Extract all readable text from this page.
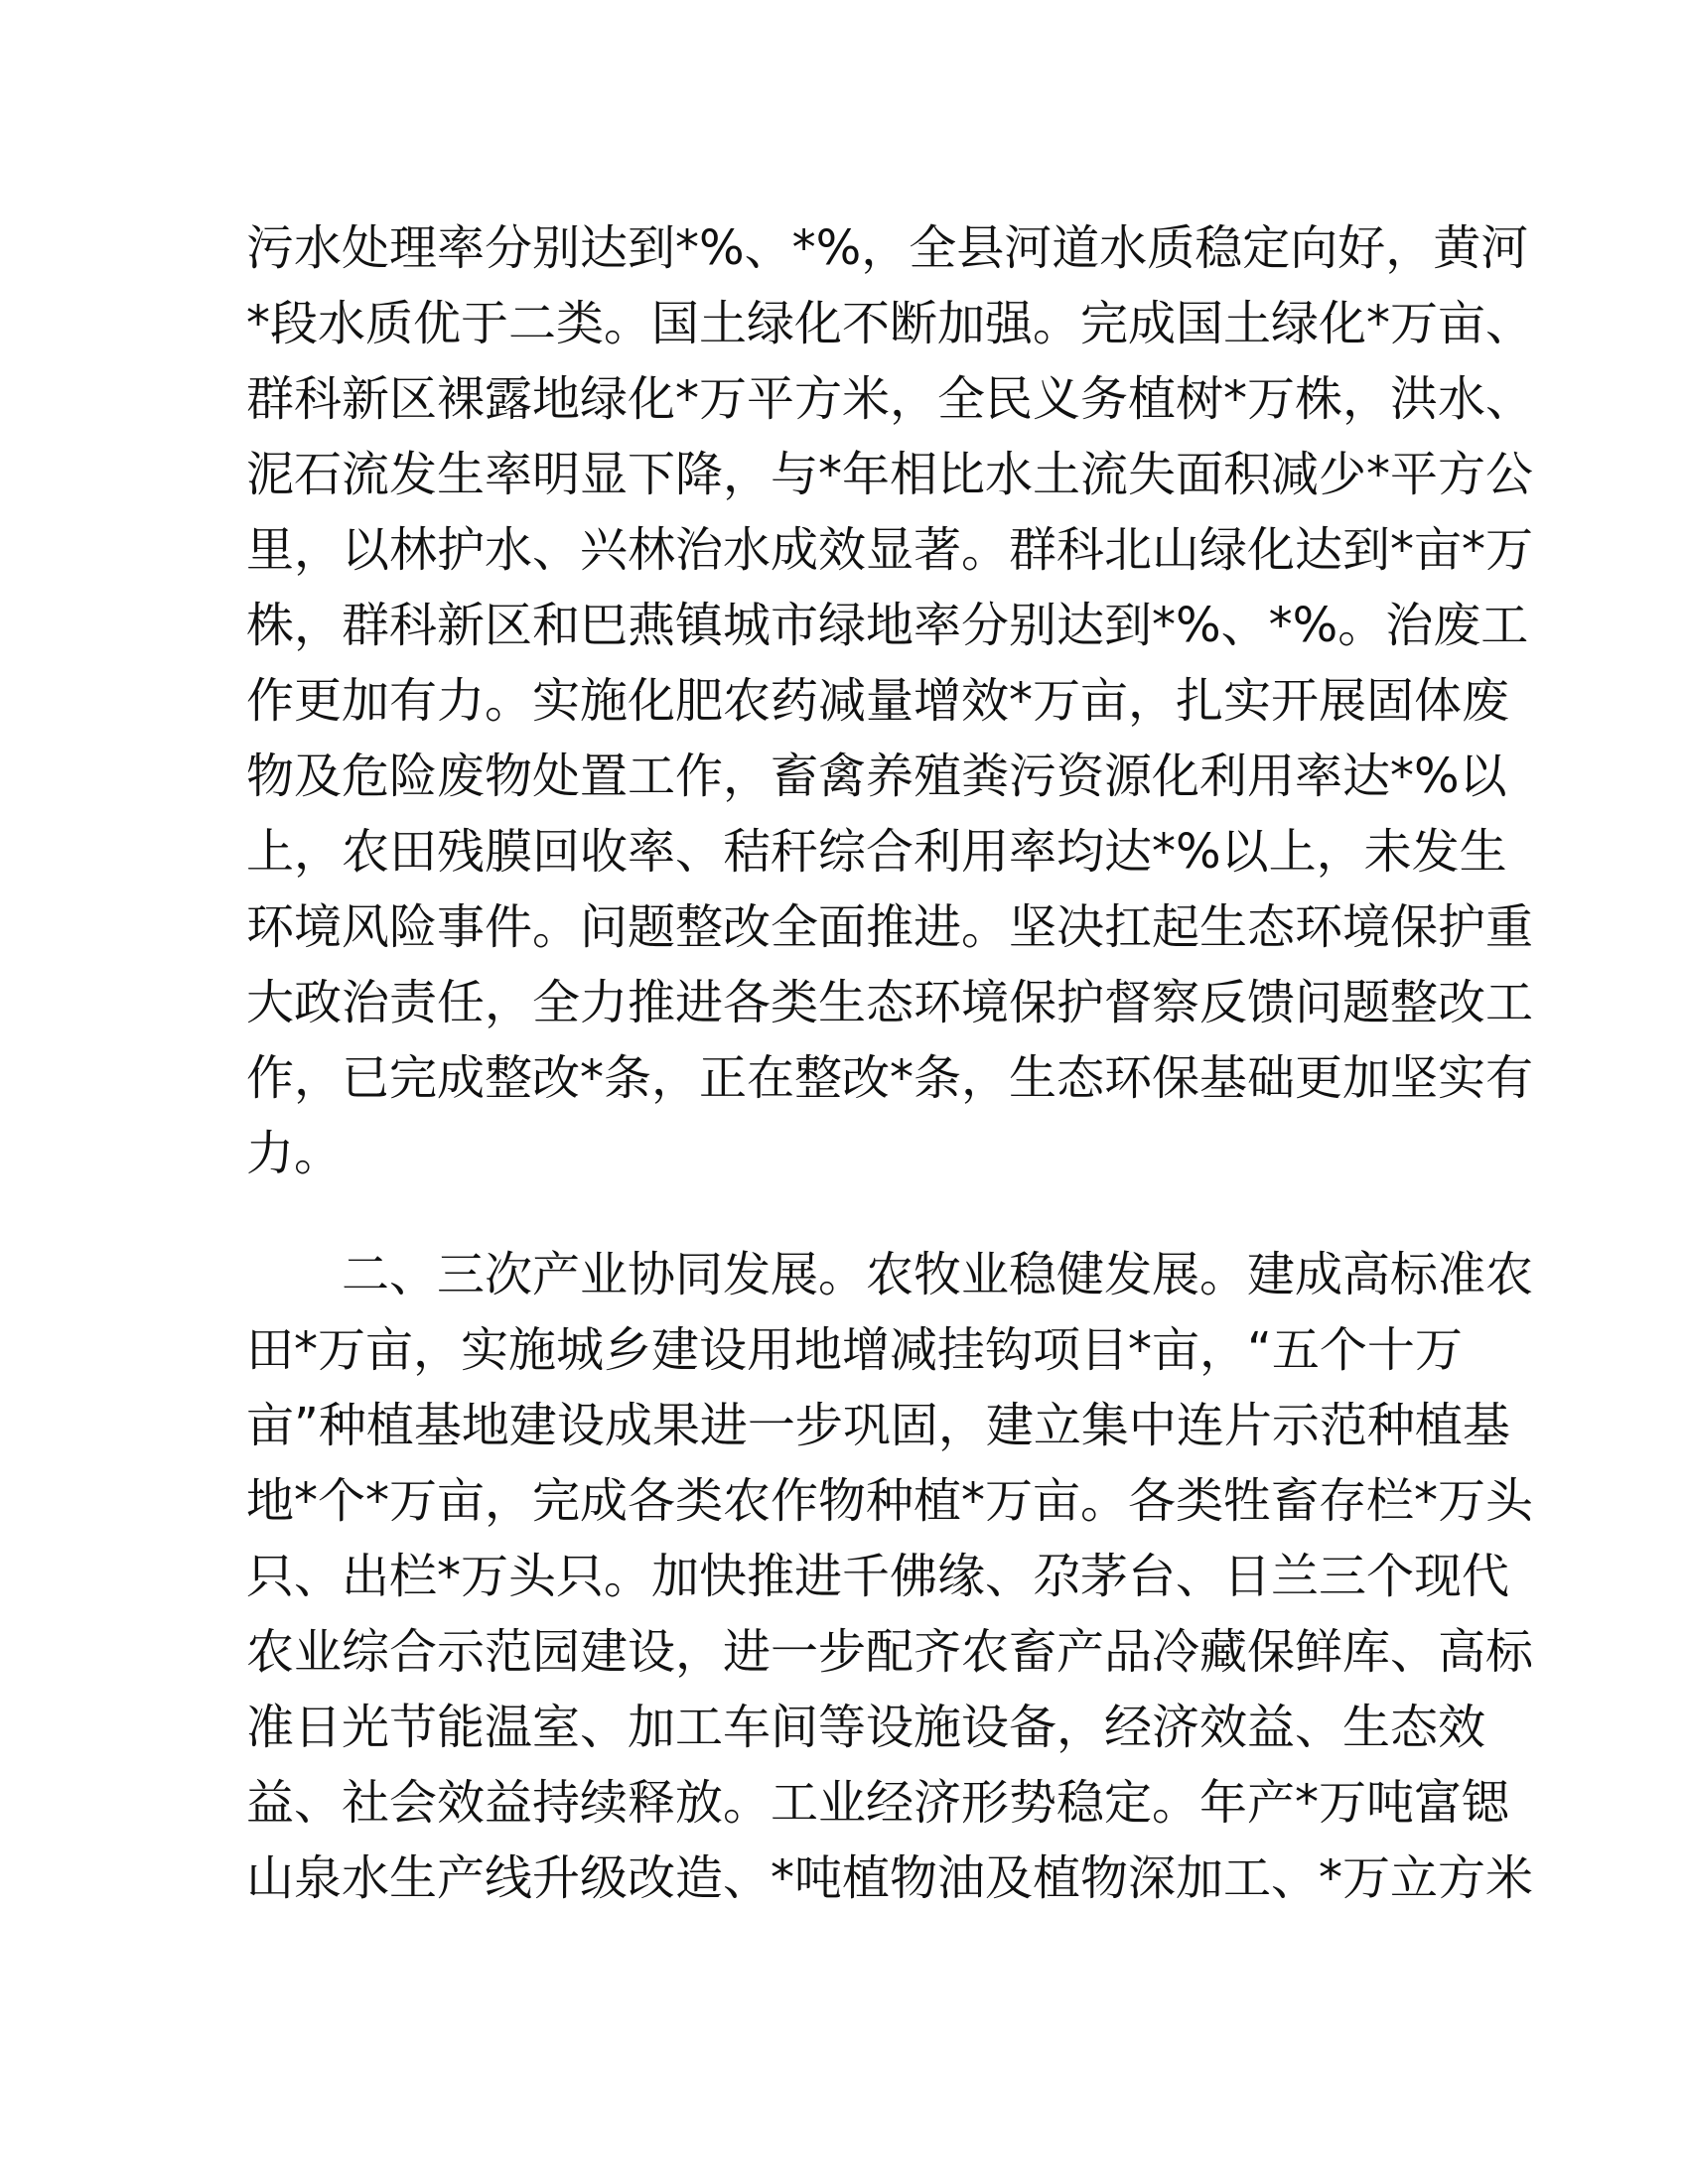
污水处理率分别达到*%、*%，全县河道水质稳定向好，黄河
*段水质优于二类。国土绿化不断加强。完成国土绿化*万亩、
群科新区裸露地绿化*万平方米，全民义务植树*万株，洪水、
泥石流发生率明显下降，与*年相比水土流失面积减少*平方公
里，以林护水、兴林治水成效显著。群科北山绿化达到*亩*万
株，群科新区和巴燕镇城市绿地率分别达到*%、*%。治废工
作更加有力。实施化肥农药减量增效*万亩，扎实开展固体废
物及危险废物处置工作，畜禽养殖粪污资源化利用率达*%以
上，农田残膜回收率、秸秆综合利用率均达*%以上，未发生
环境风险事件。问题整改全面推进。坚决扛起生态环境保护重
大政治责任，全力推进各类生态环境保护督察反馈问题整改工
作，已完成整改*条，正在整改*条，生态环保基础更加坚实有
力。
二、三次产业协同发展。农牧业稳健发展。建成高标准农
田*万亩，实施城乡建设用地增减挂钩项目*亩，“五个十万
亩”种植基地建设成果进一步巩固，建立集中连片示范种植基
地*个*万亩，完成各类农作物种植*万亩。各类牲畜存栏*万头
只、出栏*万头只。加快推进千佛缘、尕茅台、日兰三个现代
农业综合示范园建设，进一步配齐农畜产品冷藏保鲜库、高标
准日光节能温室、加工车间等设施设备，经济效益、生态效
益、社会效益持续释放。工业经济形势稳定。年产*万吨富锶
山泉水生产线升级改造、*吨植物油及植物深加工、*万立方米
